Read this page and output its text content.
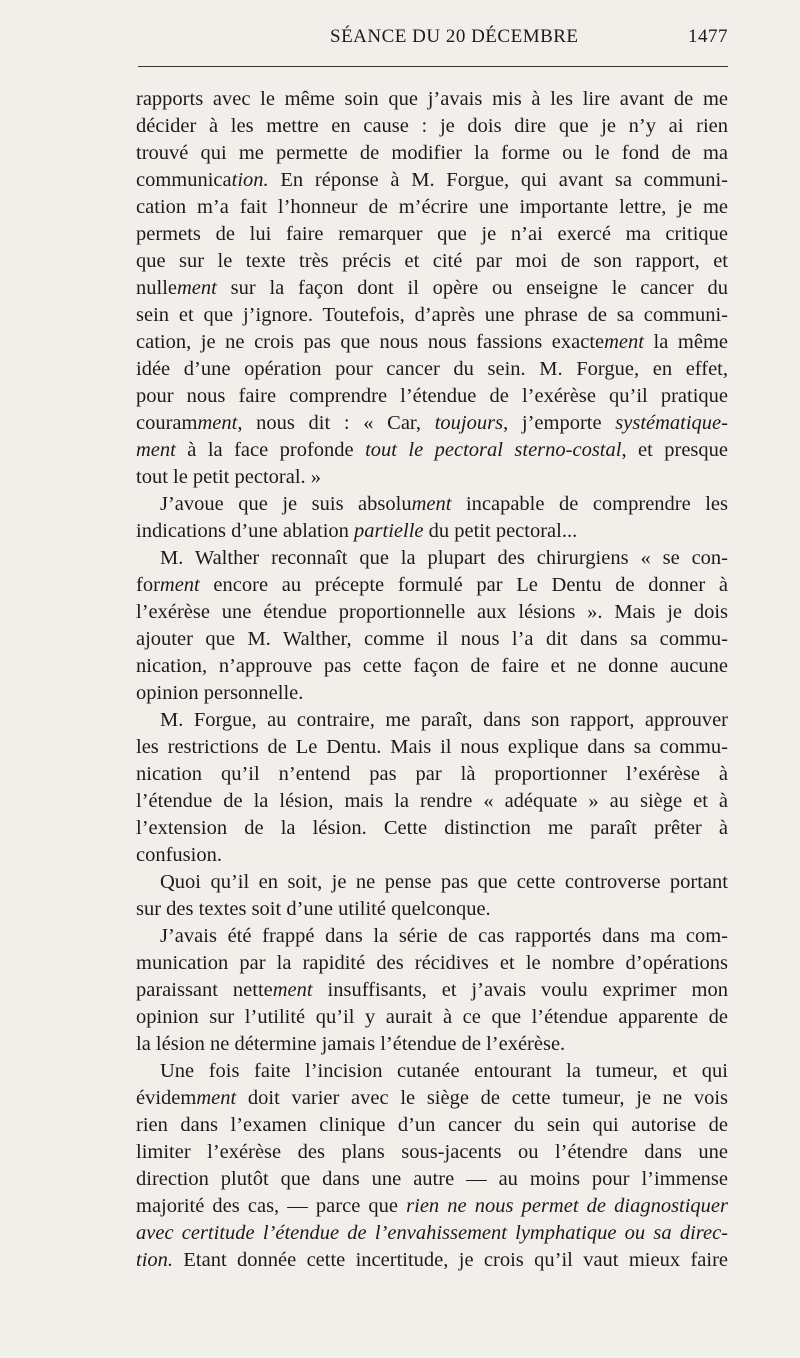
SÉANCE DU 20 DÉCEMBRE	1477
rapports avec le même soin que j’avais mis à les lire avant de me
décider à les mettre en cause : je dois dire que je n’y ai rien
trouvé qui me permette de modifier la forme ou le fond de ma
communication. En réponse à M. Forgue, qui avant sa communi-
cation m’a fait l’honneur de m’écrire une importante lettre, je me
permets de lui faire remarquer que je n’ai exercé ma critique
que sur le texte très précis et cité par moi de son rapport, et
nullement sur la façon dont il opère ou enseigne le cancer du
sein et que j’ignore. Toutefois, d’après une phrase de sa communi-
cation, je ne crois pas que nous nous fassions exactement la même
idée d’une opération pour cancer du sein. M. Forgue, en effet,
pour nous faire comprendre l’étendue de l’exérèse qu’il pratique
couramment, nous dit : « Car, toujours, j’emporte systématique-
ment à la face profonde tout le pectoral sterno-costal, et presque
tout le petit pectoral. »
J’avoue que je suis absolument incapable de comprendre les
indications d’une ablation partielle du petit pectoral...
M. Walther reconnaît que la plupart des chirurgiens « se con-
forment encore au précepte formulé par Le Dentu de donner à
l’exérèse une étendue proportionnelle aux lésions ». Mais je dois
ajouter que M. Walther, comme il nous l’a dit dans sa commu-
nication, n’approuve pas cette façon de faire et ne donne aucune
opinion personnelle.
M. Forgue, au contraire, me paraît, dans son rapport, approuver
les restrictions de Le Dentu. Mais il nous explique dans sa commu-
nication qu’il n’entend pas par là proportionner l’exérèse à
l’étendue de la lésion, mais la rendre « adéquate » au siège et à
l’extension de la lésion. Cette distinction me paraît prêter à
confusion.
Quoi qu’il en soit, je ne pense pas que cette controverse portant
sur des textes soit d’une utilité quelconque.
J’avais été frappé dans la série de cas rapportés dans ma com-
munication par la rapidité des récidives et le nombre d’opérations
paraissant nettement insuffisants, et j’avais voulu exprimer mon
opinion sur l’utilité qu’il y aurait à ce que l’étendue apparente de
la lésion ne détermine jamais l’étendue de l’exérèse.
Une fois faite l’incision cutanée entourant la tumeur, et qui
évidemment doit varier avec le siège de cette tumeur, je ne vois
rien dans l’examen clinique d’un cancer du sein qui autorise de
limiter l’exérèse des plans sous-jacents ou l’étendre dans une
direction plutôt que dans une autre — au moins pour l’immense
majorité des cas, — parce que rien ne nous permet de diagnostiquer
avec certitude l’étendue de l’envahissement lymphatique ou sa direc-
tion. Etant donnée cette incertitude, je crois qu’il vaut mieux faire
